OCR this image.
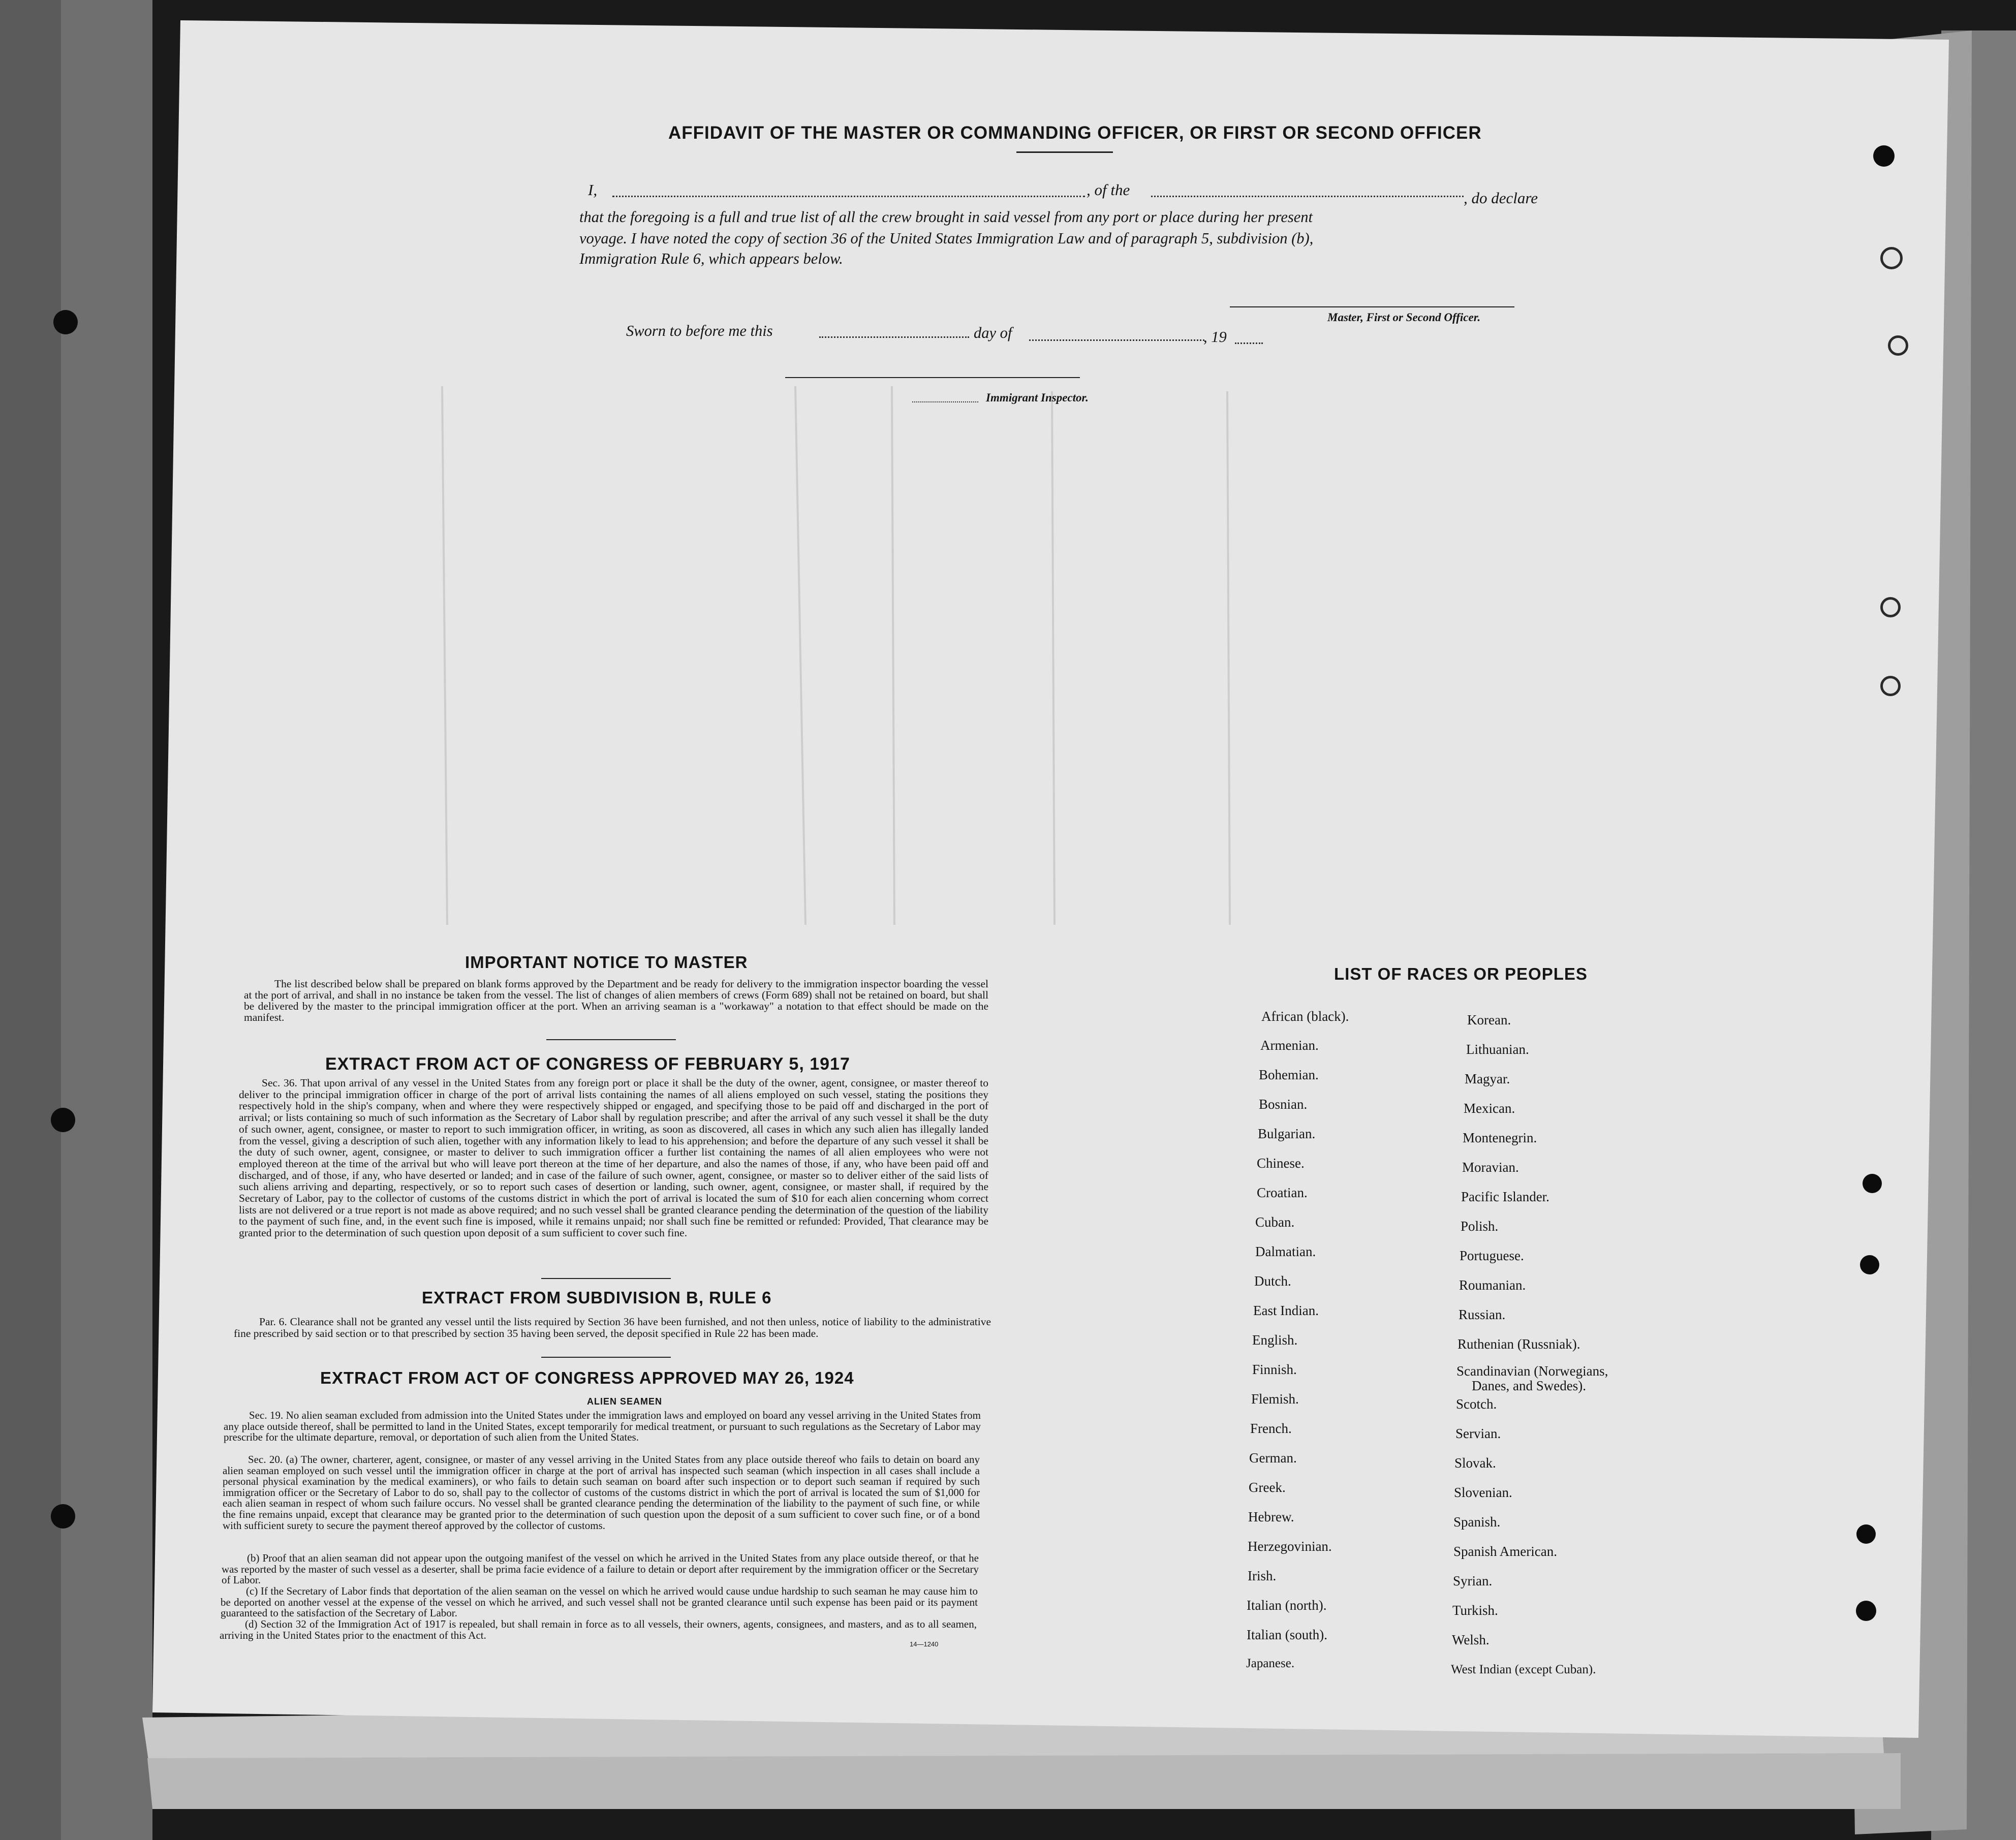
AFFIDAVIT OF THE MASTER OR COMMANDING OFFICER, OR FIRST OR SECOND OFFICER
I,	, of the	, do declare
that the foregoing is a full and true list of all the crew brought in said vessel from any port or place during her present
voyage. I have noted the copy of section 36 of the United States Immigration Law and of paragraph 5, subdivision (b),
Immigration Rule 6, which appears below.
Master, First or Second Officer.
Sworn to before me this	day of	, 19
Immigrant Inspector.
IMPORTANT NOTICE TO MASTER
The list described below shall be prepared on blank forms approved by the Department and be ready for delivery to the immigration inspector boarding the vessel at the port of arrival, and shall in no instance be taken from the vessel. The list of changes of alien members of crews (Form 689) shall not be retained on board, but shall be delivered by the master to the principal immigration officer at the port. When an arriving seaman is a "workaway" a notation to that effect should be made on the manifest.
EXTRACT FROM ACT OF CONGRESS OF FEBRUARY 5, 1917
Sec. 36. That upon arrival of any vessel in the United States from any foreign port or place it shall be the duty of the owner, agent, consignee, or master thereof to deliver to the principal immigration officer in charge of the port of arrival lists containing the names of all aliens employed on such vessel, stating the positions they respectively hold in the ship's company, when and where they were respectively shipped or engaged, and specifying those to be paid off and discharged in the port of arrival; or lists containing so much of such information as the Secretary of Labor shall by regulation prescribe; and after the arrival of any such vessel it shall be the duty of such owner, agent, consignee, or master to report to such immigration officer, in writing, as soon as discovered, all cases in which any such alien has illegally landed from the vessel, giving a description of such alien, together with any information likely to lead to his apprehension; and before the departure of any such vessel it shall be the duty of such owner, agent, consignee, or master to deliver to such immigration officer a further list containing the names of all alien employees who were not employed thereon at the time of the arrival but who will leave port thereon at the time of her departure, and also the names of those, if any, who have been paid off and discharged, and of those, if any, who have deserted or landed; and in case of the failure of such owner, agent, consignee, or master so to deliver either of the said lists of such aliens arriving and departing, respectively, or so to report such cases of desertion or landing, such owner, agent, consignee, or master shall, if required by the Secretary of Labor, pay to the collector of customs of the customs district in which the port of arrival is located the sum of $10 for each alien concerning whom correct lists are not delivered or a true report is not made as above required; and no such vessel shall be granted clearance pending the determination of the question of the liability to the payment of such fine, and, in the event such fine is imposed, while it remains unpaid; nor shall such fine be remitted or refunded: Provided, That clearance may be granted prior to the determination of such question upon deposit of a sum sufficient to cover such fine.
EXTRACT FROM SUBDIVISION B, RULE 6
Par. 6. Clearance shall not be granted any vessel until the lists required by Section 36 have been furnished, and not then unless, notice of liability to the administrative fine prescribed by said section or to that prescribed by section 35 having been served, the deposit specified in Rule 22 has been made.
EXTRACT FROM ACT OF CONGRESS APPROVED MAY 26, 1924
ALIEN SEAMEN
Sec. 19. No alien seaman excluded from admission into the United States under the immigration laws and employed on board any vessel arriving in the United States from any place outside thereof, shall be permitted to land in the United States, except temporarily for medical treatment, or pursuant to such regulations as the Secretary of Labor may prescribe for the ultimate departure, removal, or deportation of such alien from the United States.
Sec. 20. (a) The owner, charterer, agent, consignee, or master of any vessel arriving in the United States from any place outside thereof who fails to detain on board any alien seaman employed on such vessel until the immigration officer in charge at the port of arrival has inspected such seaman (which inspection in all cases shall include a personal physical examination by the medical examiners), or who fails to detain such seaman on board after such inspection or to deport such seaman if required by such immigration officer or the Secretary of Labor to do so, shall pay to the collector of customs of the customs district in which the port of arrival is located the sum of $1,000 for each alien seaman in respect of whom such failure occurs. No vessel shall be granted clearance pending the determination of the liability to the payment of such fine, or while the fine remains unpaid, except that clearance may be granted prior to the determination of such question upon the deposit of a sum sufficient to cover such fine, or of a bond with sufficient surety to secure the payment thereof approved by the collector of customs.
(b) Proof that an alien seaman did not appear upon the outgoing manifest of the vessel on which he arrived in the United States from any place outside thereof, or that he was reported by the master of such vessel as a deserter, shall be prima facie evidence of a failure to detain or deport after requirement by the immigration officer or the Secretary of Labor.
(c) If the Secretary of Labor finds that deportation of the alien seaman on the vessel on which he arrived would cause undue hardship to such seaman he may cause him to be deported on another vessel at the expense of the vessel on which he arrived, and such vessel shall not be granted clearance until such expense has been paid or its payment guaranteed to the satisfaction of the Secretary of Labor.
(d) Section 32 of the Immigration Act of 1917 is repealed, but shall remain in force as to all vessels, their owners, agents, consignees, and masters, and as to all seamen, arriving in the United States prior to the enactment of this Act.
14—1240
LIST OF RACES OR PEOPLES
African (black).
Armenian.
Bohemian.
Bosnian.
Bulgarian.
Chinese.
Croatian.
Cuban.
Dalmatian.
Dutch.
East Indian.
English.
Finnish.
Flemish.
French.
German.
Greek.
Hebrew.
Herzegovinian.
Irish.
Italian (north).
Italian (south).
Japanese.
Korean.
Lithuanian.
Magyar.
Mexican.
Montenegrin.
Moravian.
Pacific Islander.
Polish.
Portuguese.
Roumanian.
Russian.
Ruthenian (Russniak).
Scandinavian (Norwegians,
Danes, and Swedes).
Scotch.
Servian.
Slovak.
Slovenian.
Spanish.
Spanish American.
Syrian.
Turkish.
Welsh.
West Indian (except Cuban).
